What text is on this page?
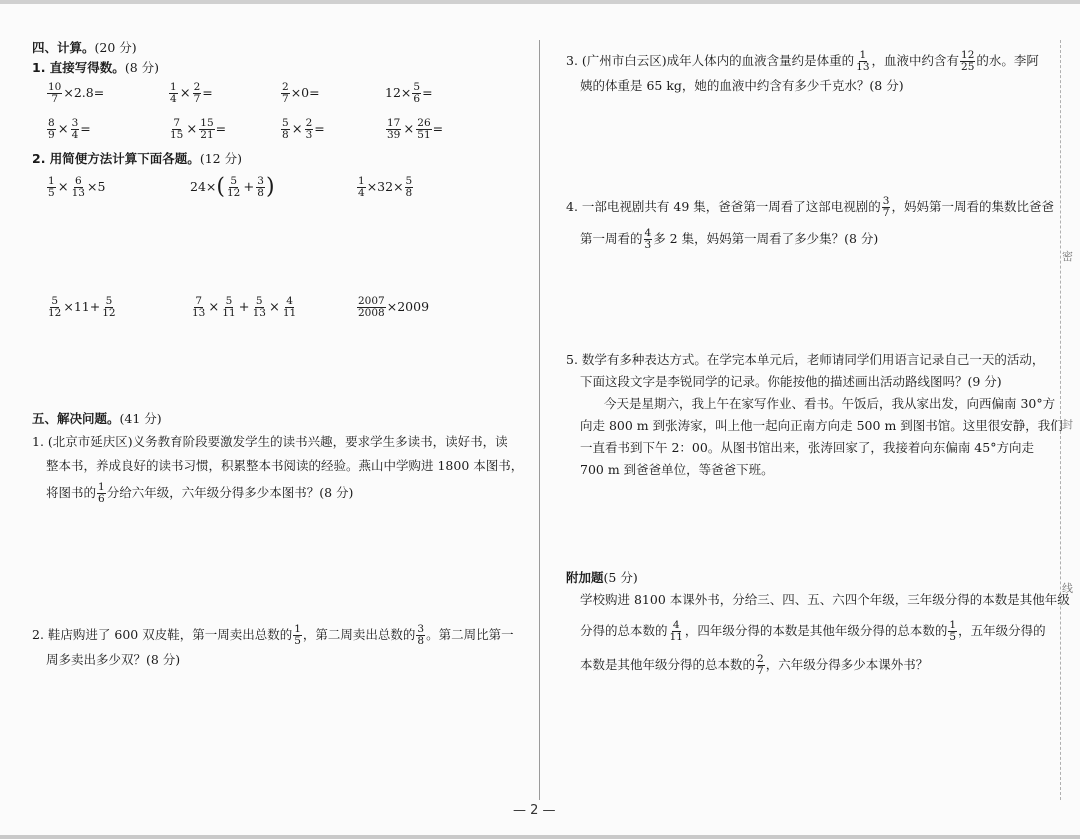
密
封
线
四、计算。(20 分)
1. 直接写得数。(8 分)
$\frac{10}{7} \times 2.8=$	$\frac{1}{4} \times \frac{2}{7}$ =	$\frac{2}{7} \times 0=$	$12\times \frac{5}{6}$ =
$\frac{8}{9} \times \frac{3}{4}$ =	$\frac{7}{15} \times \frac{15}{21}$ =	$\frac{5}{8} \times \frac{2}{3}$ =	$\frac{17}{39} \times \frac{26}{51}$ =
2. 用简便方法计算下面各题。(12 分)
$\frac{1}{5} \times \frac{6}{13} \times 5$	$24\times( \frac{5}{12} + \frac{3}{8}$ )	$\frac{1}{4} \times 32\times \frac{5}{8}$
$\frac{5}{12} \times 11+ \frac{5}{12}$	$\frac{7}{13} \times \frac{5}{11} + \frac{5}{13} \times \frac{4}{11}$	$\frac{2007}{2008} \times 2009$
五、解决问题。(41 分)
1. (北京市延庆区)义务教育阶段要激发学生的读书兴趣，要求学生多读书，读好书，读
整本书，养成良好的读书习惯，积累整本书阅读的经验。燕山中学购进 1800 本图书，
将图书的 $\frac{1}{6}$ 分给六年级，六年级分得多少本图书？(8 分)
2. 鞋店购进了 600 双皮鞋，第一周卖出总数的 $\frac{1}{5}$ ，第二周卖出总数的 $\frac{3}{8}$ 。第二周比第一
周多卖出多少双？(8 分)
3. (广州市白云区)成年人体内的血液含量约是体重的 $\frac{1}{13}$ ，血液中约含有 $\frac{12}{25}$ 的水。李阿
姨的体重是 65 kg，她的血液中约含有多少千克水？(8 分)
4. 一部电视剧共有 49 集，爸爸第一周看了这部电视剧的 $\frac{3}{7}$ ，妈妈第一周看的集数比爸爸
第一周看的 $\frac{4}{3}$ 多 2 集，妈妈第一周看了多少集？(8 分)
5. 数学有多种表达方式。在学完本单元后，老师请同学们用语言记录自己一天的活动，
下面这段文字是李锐同学的记录。你能按他的描述画出活动路线图吗？(9 分)
今天是星期六，我上午在家写作业、看书。午饭后，我从家出发，向西偏南 30°方
向走 800 m 到张涛家，叫上他一起向正南方向走 500 m 到图书馆。这里很安静，我们
一直看书到下午 2：00。从图书馆出来，张涛回家了，我接着向东偏南 45°方向走
700 m 到爸爸单位，等爸爸下班。
附加题(5 分)
学校购进 8100 本课外书，分给三、四、五、六四个年级，三年级分得的本数是其他年级
分得的总本数的 $\frac{4}{11}$ ，四年级分得的本数是其他年级分得的总本数的 $\frac{1}{5}$ ，五年级分得的
本数是其他年级分得的总本数的 $\frac{2}{7}$ ，六年级分得多少本课外书？
— 2 —
